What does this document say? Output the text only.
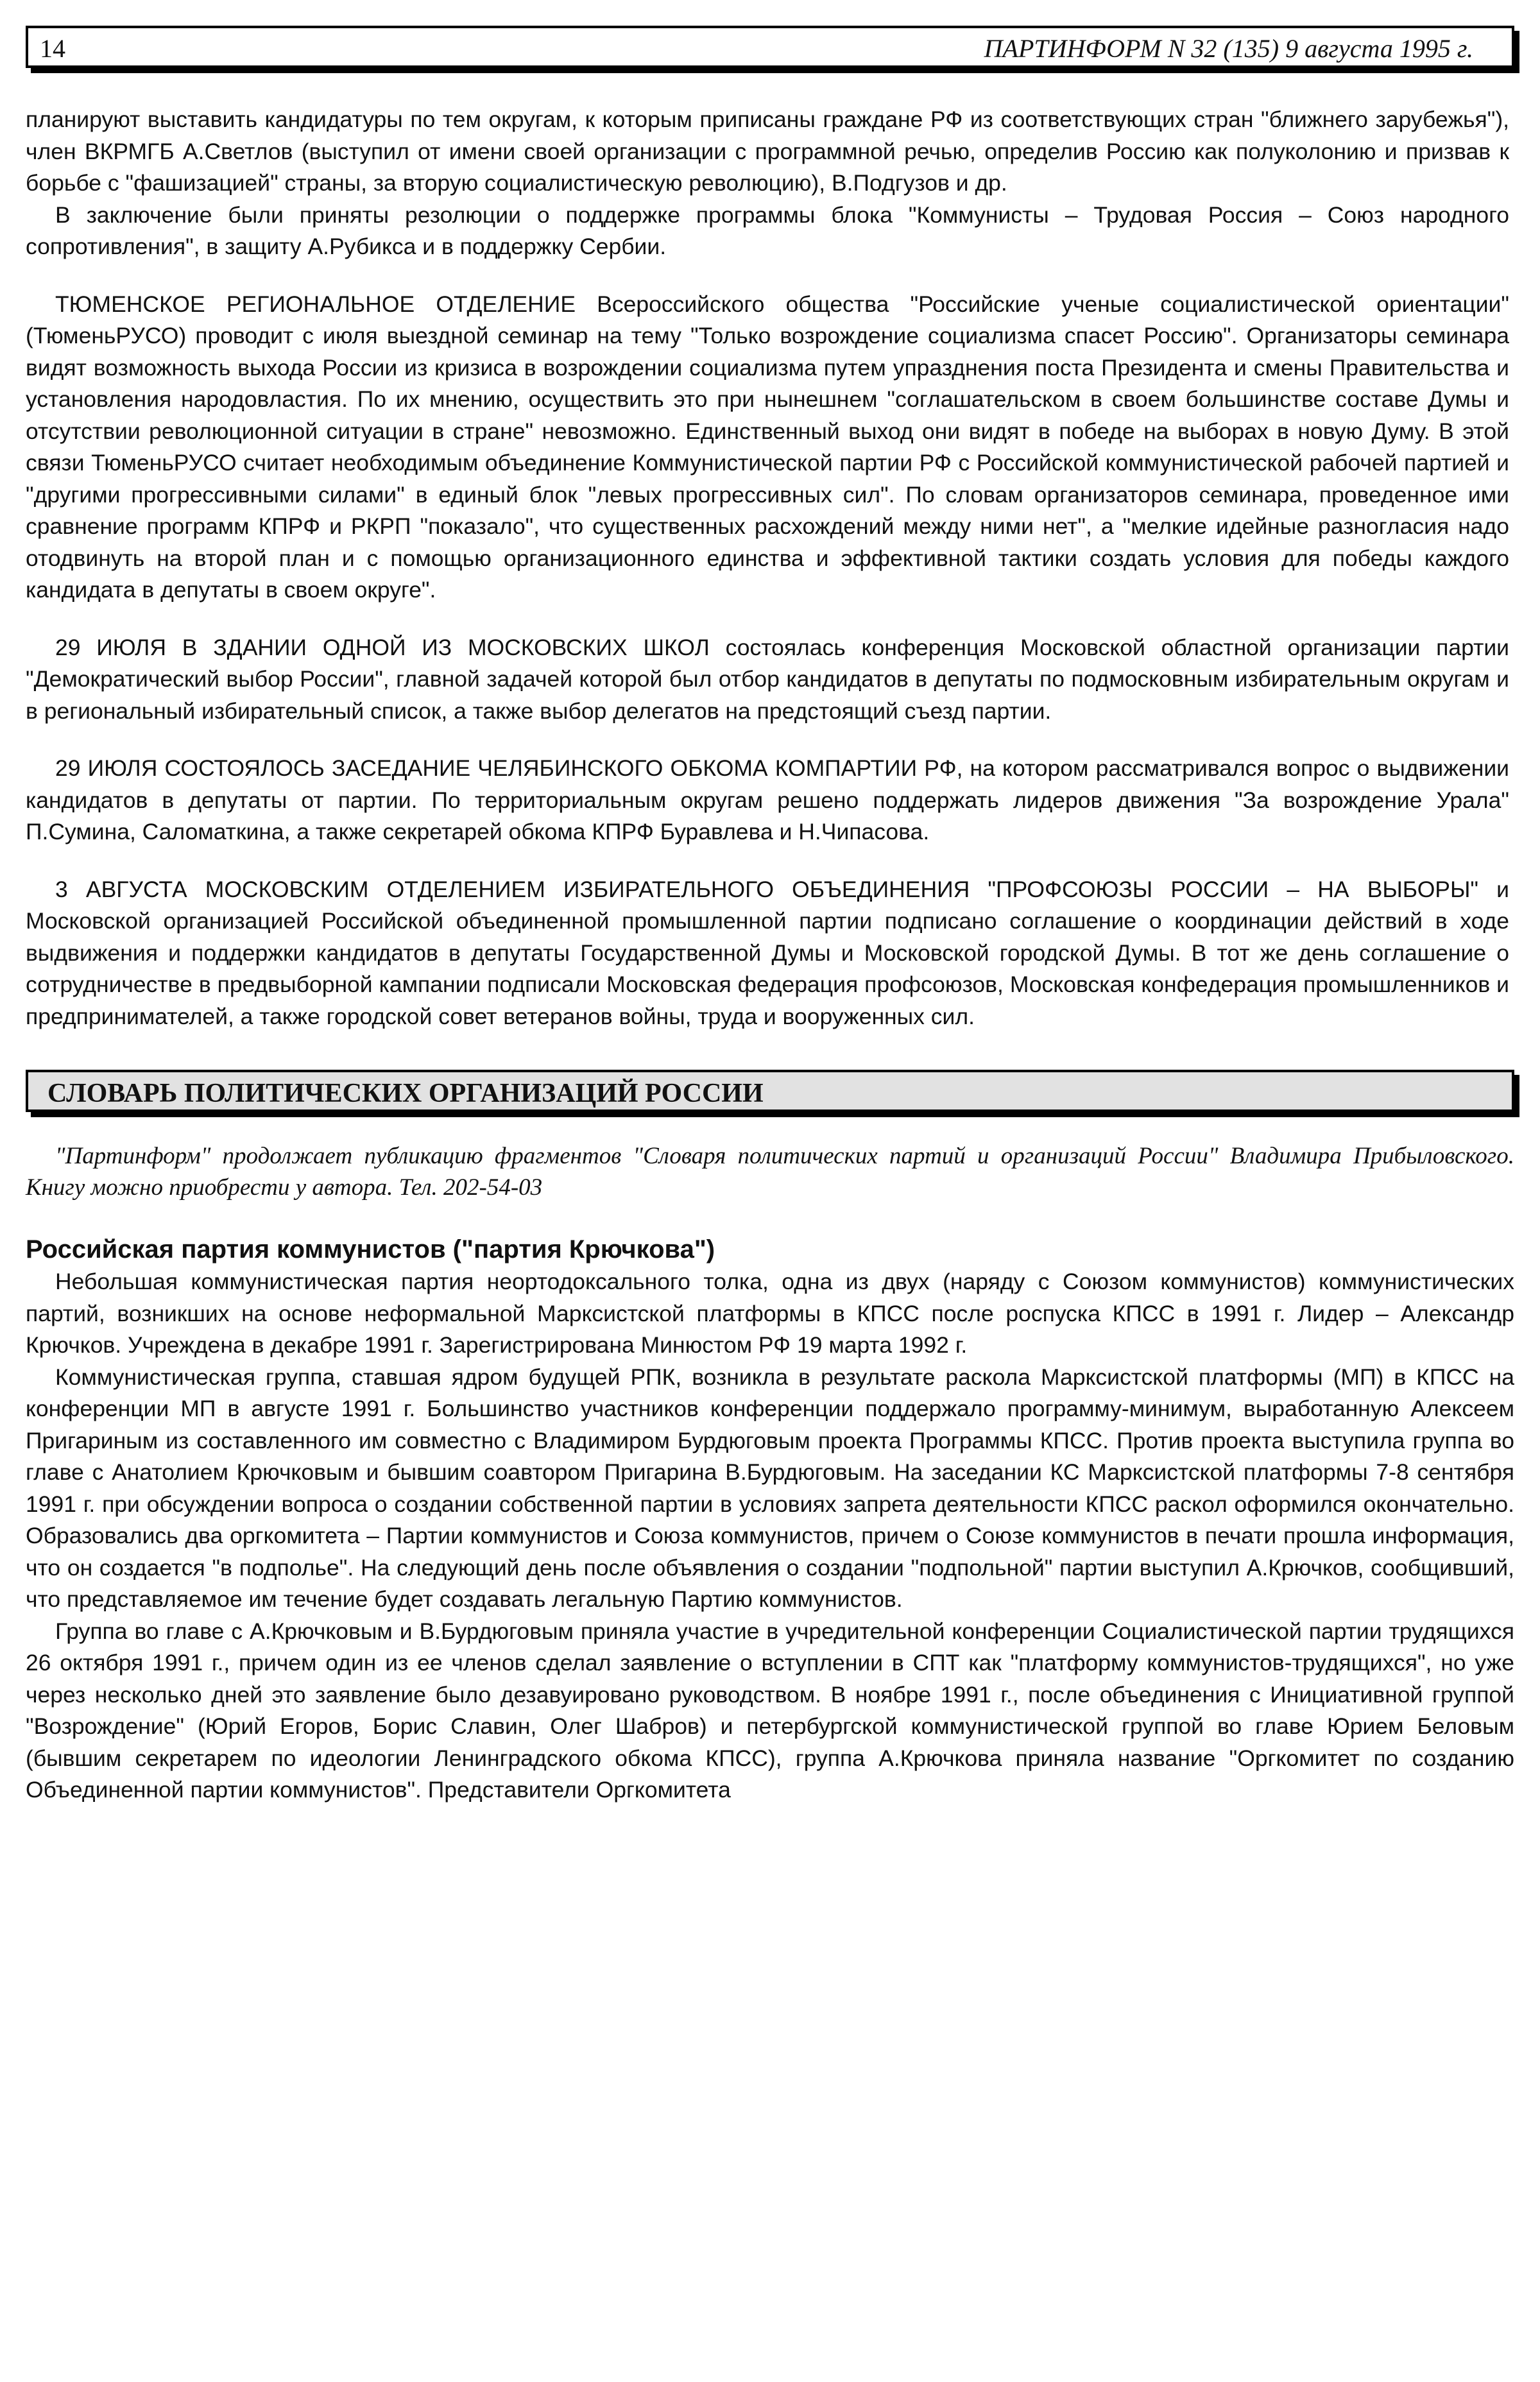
14	ПАРТИНФОРМ N 32 (135) 9 августа 1995 г.

планируют выставить кандидатуры по тем округам, к которым приписаны граждане РФ из соответствующих стран "ближнего зарубежья"), член ВКРМГБ А.Светлов (выступил от имени своей организации с программной речью, определив Россию как полуколонию и призвав к борьбе с "фашизацией" страны, за вторую социалистическую революцию), В.Подгузов и др.

В заключение были приняты резолюции о поддержке программы блока "Коммунисты – Трудовая Россия – Союз народного сопротивления", в защиту А.Рубикса и в поддержку Сербии.

ТЮМЕНСКОЕ РЕГИОНАЛЬНОЕ ОТДЕЛЕНИЕ Всероссийского общества "Российские ученые социалистической ориентации" (ТюменьРУСО) проводит с июля выездной семинар на тему "Только возрождение социализма спасет Россию". Организаторы семинара видят возможность выхода России из кризиса в возрождении социализма путем упразднения поста Президента и смены Правительства и установления народовластия. По их мнению, осуществить это при нынешнем "соглашательском в своем большинстве составе Думы и отсутствии революционной ситуации в стране" невозможно. Единственный выход они видят в победе на выборах в новую Думу. В этой связи ТюменьРУСО считает необходимым объединение Коммунистической партии РФ с Российской коммунистической рабочей партией и "другими прогрессивными силами" в единый блок "левых прогрессивных сил". По словам организаторов семинара, проведенное ими сравнение программ КПРФ и РКРП "показало", что существенных расхождений между ними нет", а "мелкие идейные разногласия надо отодвинуть на второй план и с помощью организационного единства и эффективной тактики создать условия для победы каждого кандидата в депутаты в своем округе".

29 ИЮЛЯ В ЗДАНИИ ОДНОЙ ИЗ МОСКОВСКИХ ШКОЛ состоялась конференция Московской областной организации партии "Демократический выбор России", главной задачей которой был отбор кандидатов в депутаты по подмосковным избирательным округам и в региональный избирательный список, а также выбор делегатов на предстоящий съезд партии.

29 ИЮЛЯ СОСТОЯЛОСЬ ЗАСЕДАНИЕ ЧЕЛЯБИНСКОГО ОБКОМА КОМПАРТИИ РФ, на котором рассматривался вопрос о выдвижении кандидатов в депутаты от партии. По территориальным округам решено поддержать лидеров движения "За возрождение Урала" П.Сумина, Саломаткина, а также секретарей обкома КПРФ Буравлева и Н.Чипасова.

3 АВГУСТА МОСКОВСКИМ ОТДЕЛЕНИЕМ ИЗБИРАТЕЛЬНОГО ОБЪЕДИНЕНИЯ "ПРОФСОЮЗЫ РОССИИ – НА ВЫБОРЫ" и Московской организацией Российской объединенной промышленной партии подписано соглашение о координации действий в ходе выдвижения и поддержки кандидатов в депутаты Государственной Думы и Московской городской Думы. В тот же день соглашение о сотрудничестве в предвыборной кампании подписали Московская федерация профсоюзов, Московская конфедерация промышленников и предпринимателей, а также городской совет ветеранов войны, труда и вооруженных сил.

СЛОВАРЬ ПОЛИТИЧЕСКИХ ОРГАНИЗАЦИЙ РОССИИ

"Партинформ" продолжает публикацию фрагментов "Словаря политических партий и организаций России" Владимира Прибыловского. Книгу можно приобрести у автора. Тел. 202-54-03

Российская партия коммунистов ("партия Крючкова")

Небольшая коммунистическая партия неортодоксального толка, одна из двух (наряду с Союзом коммунистов) коммунистических партий, возникших на основе неформальной Марксистской платформы в КПСС после роспуска КПСС в 1991 г. Лидер – Александр Крючков. Учреждена в декабре 1991 г. Зарегистрирована Минюстом РФ 19 марта 1992 г.

Коммунистическая группа, ставшая ядром будущей РПК, возникла в результате раскола Марксистской платформы (МП) в КПСС на конференции МП в августе 1991 г. Большинство участников конференции поддержало программу-минимум, выработанную Алексеем Пригариным из составленного им совместно с Владимиром Бурдюговым проекта Программы КПСС. Против проекта выступила группа во главе с Анатолием Крючковым и бывшим соавтором Пригарина В.Бурдюговым. На заседании КС Марксистской платформы 7-8 сентября 1991 г. при обсуждении вопроса о создании собственной партии в условиях запрета деятельности КПСС раскол оформился окончательно. Образовались два оргкомитета – Партии коммунистов и Союза коммунистов, причем о Союзе коммунистов в печати прошла информация, что он создается "в подполье". На следующий день после объявления о создании "подпольной" партии выступил А.Крючков, сообщивший, что представляемое им течение будет создавать легальную Партию коммунистов.

Группа во главе с А.Крючковым и В.Бурдюговым приняла участие в учредительной конференции Социалистической партии трудящихся 26 октября 1991 г., причем один из ее членов сделал заявление о вступлении в СПТ как "платформу коммунистов-трудящихся", но уже через несколько дней это заявление было дезавуировано руководством. В ноябре 1991 г., после объединения с Инициативной группой "Возрождение" (Юрий Егоров, Борис Славин, Олег Шабров) и петербургской коммунистической группой во главе Юрием Беловым (бывшим секретарем по идеологии Ленинградского обкома КПСС), группа А.Крючкова приняла название "Оргкомитет по созданию Объединенной партии коммунистов". Представители Оргкомитета
